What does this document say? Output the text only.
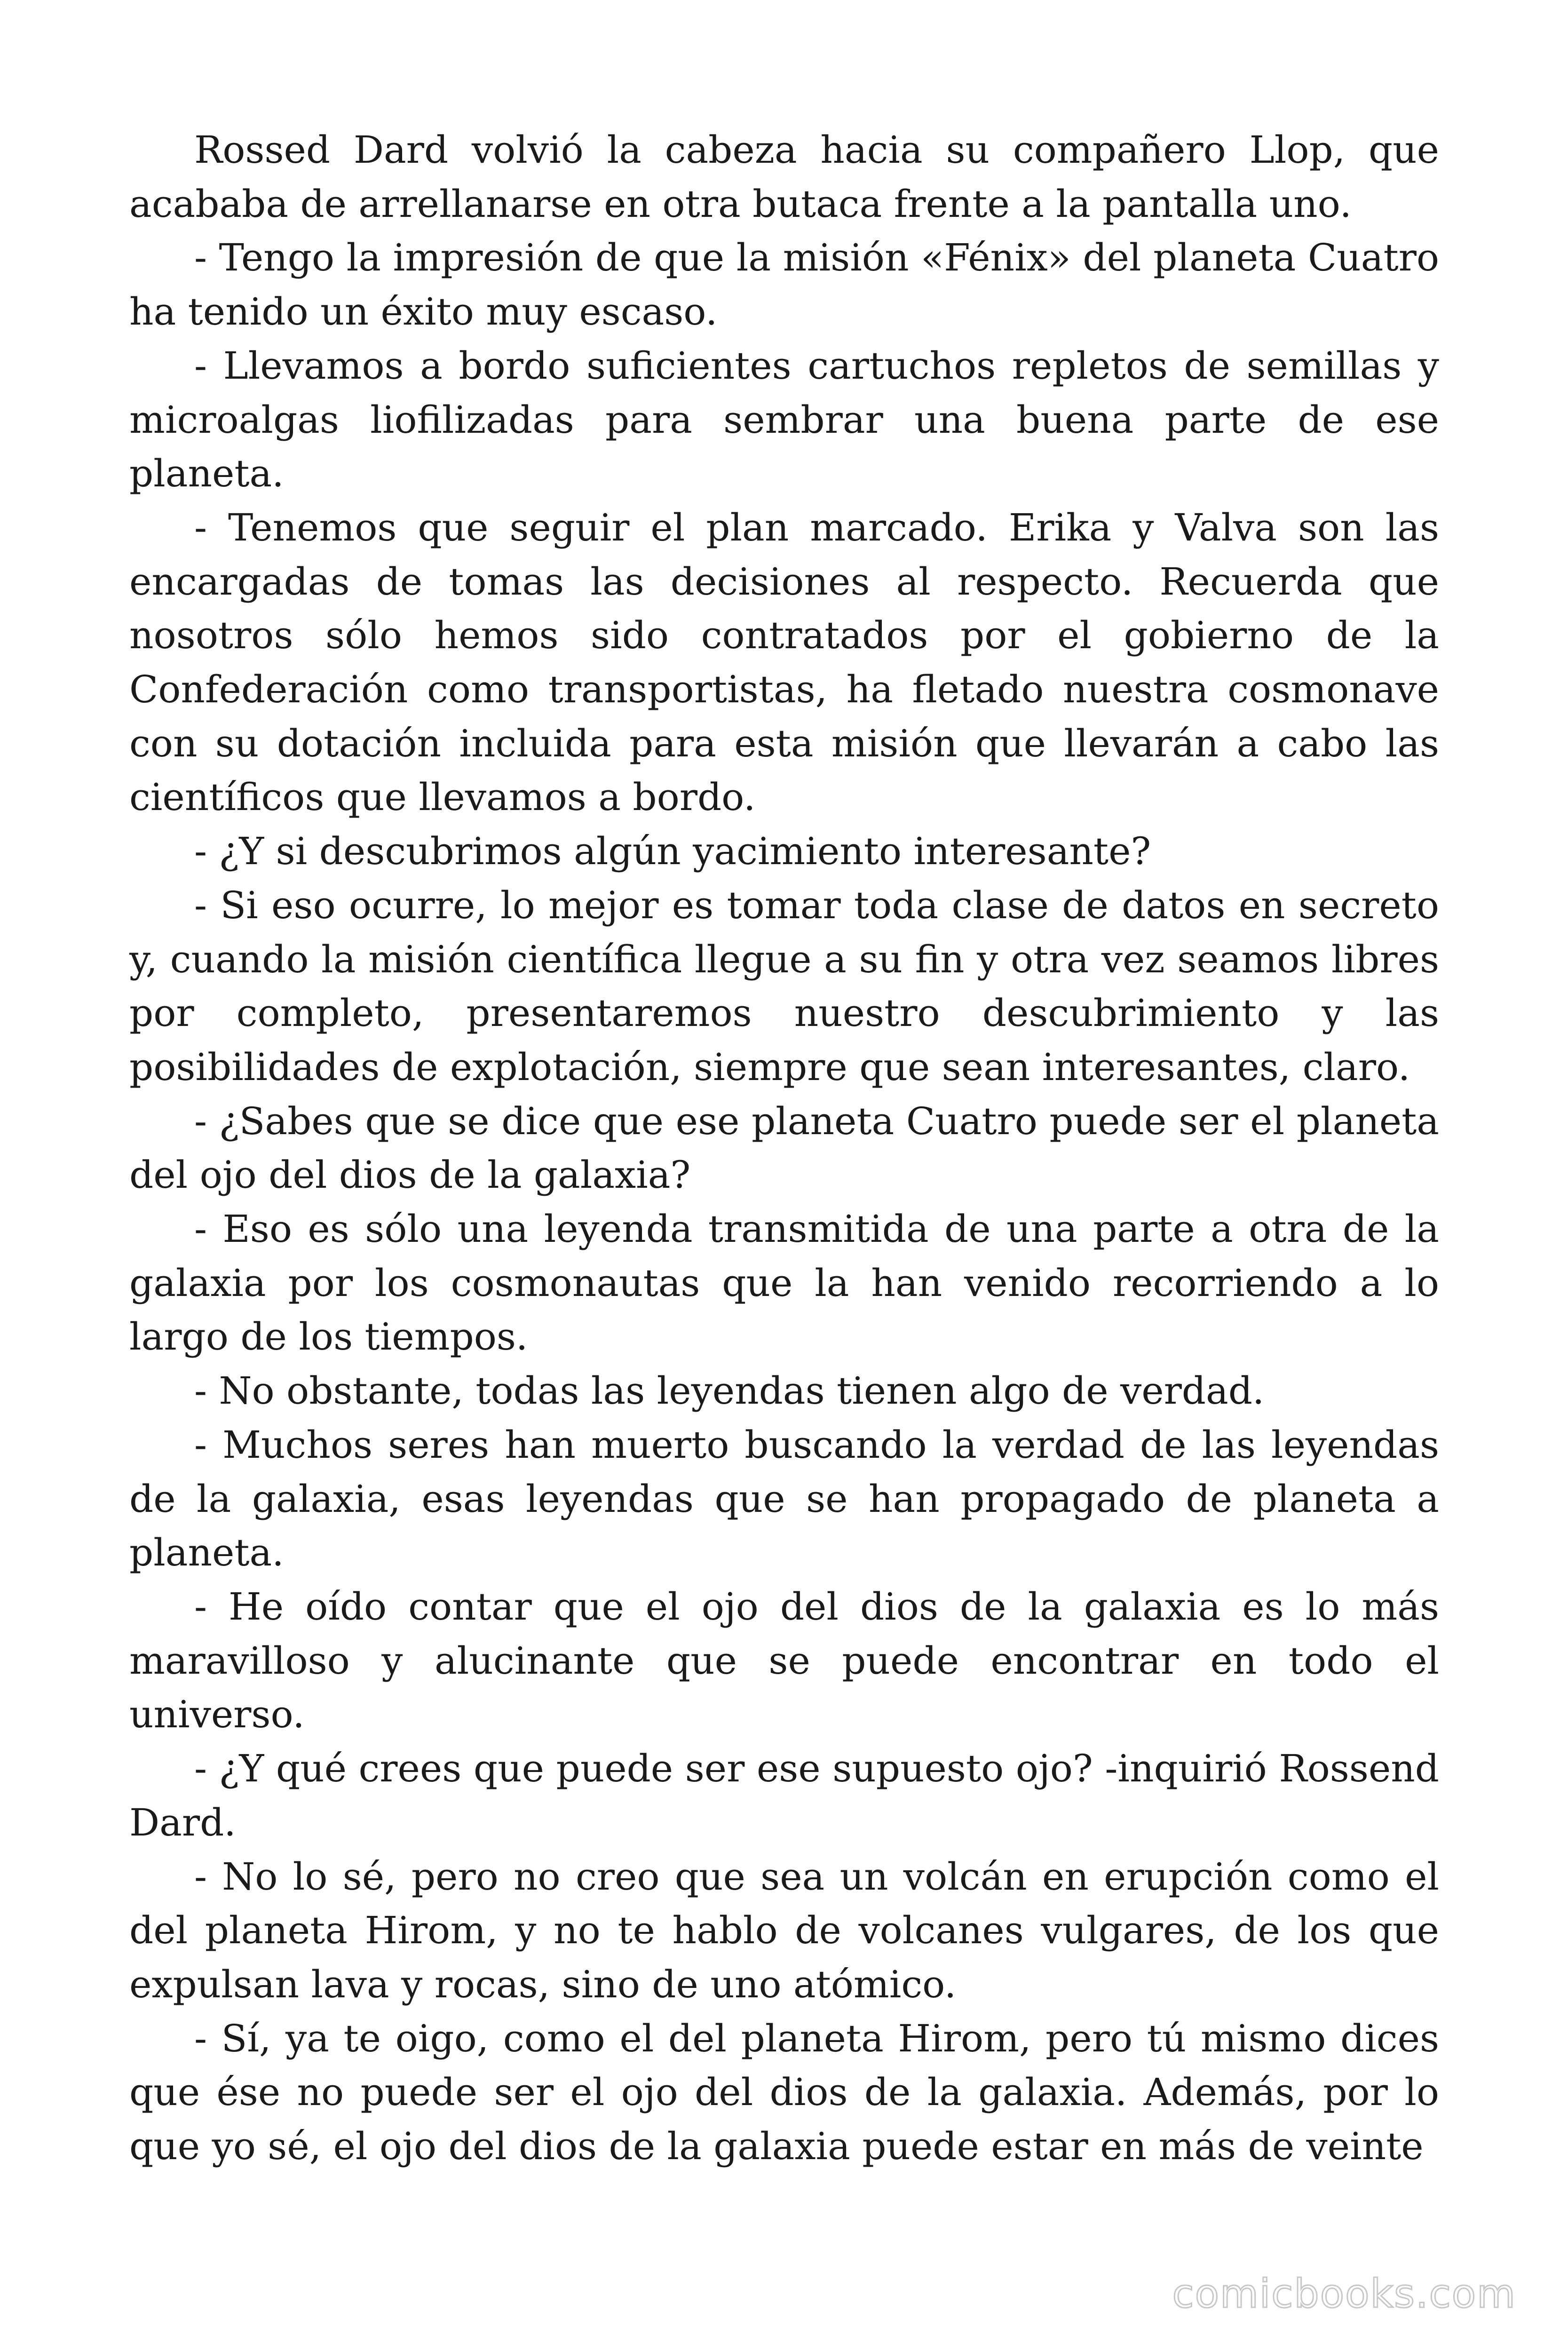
Rossed Dard volvió la cabeza hacia su compañero Llop, que acababa de arrellanarse en otra butaca frente a la pantalla uno.

- Tengo la impresión de que la misión «Fénix» del planeta Cuatro ha tenido un éxito muy escaso.

- Llevamos a bordo suficientes cartuchos repletos de semillas y microalgas liofilizadas para sembrar una buena parte de ese planeta.

- Tenemos que seguir el plan marcado. Erika y Valva son las encargadas de tomas las decisiones al respecto. Recuerda que nosotros sólo hemos sido contratados por el gobierno de la Confederación como transportistas, ha fletado nuestra cosmonave con su dotación incluida para esta misión que llevarán a cabo las científicos que llevamos a bordo.

- ¿Y si descubrimos algún yacimiento interesante?

- Si eso ocurre, lo mejor es tomar toda clase de datos en secreto y, cuando la misión científica llegue a su fin y otra vez seamos libres por completo, presentaremos nuestro descubrimiento y las posibilidades de explotación, siempre que sean interesantes, claro.

- ¿Sabes que se dice que ese planeta Cuatro puede ser el planeta del ojo del dios de la galaxia?

- Eso es sólo una leyenda transmitida de una parte a otra de la galaxia por los cosmonautas que la han venido recorriendo a lo largo de los tiempos.

- No obstante, todas las leyendas tienen algo de verdad.

- Muchos seres han muerto buscando la verdad de las leyendas de la galaxia, esas leyendas que se han propagado de planeta a planeta.

- He oído contar que el ojo del dios de la galaxia es lo más maravilloso y alucinante que se puede encontrar en todo el universo.

- ¿Y qué crees que puede ser ese supuesto ojo? -inquirió Rossend Dard.

- No lo sé, pero no creo que sea un volcán en erupción como el del planeta Hirom, y no te hablo de volcanes vulgares, de los que expulsan lava y rocas, sino de uno atómico.

- Sí, ya te oigo, como el del planeta Hirom, pero tú mismo dices que ése no puede ser el ojo del dios de la galaxia. Además, por lo que yo sé, el ojo del dios de la galaxia puede estar en más de veinte

comicbooks.com
